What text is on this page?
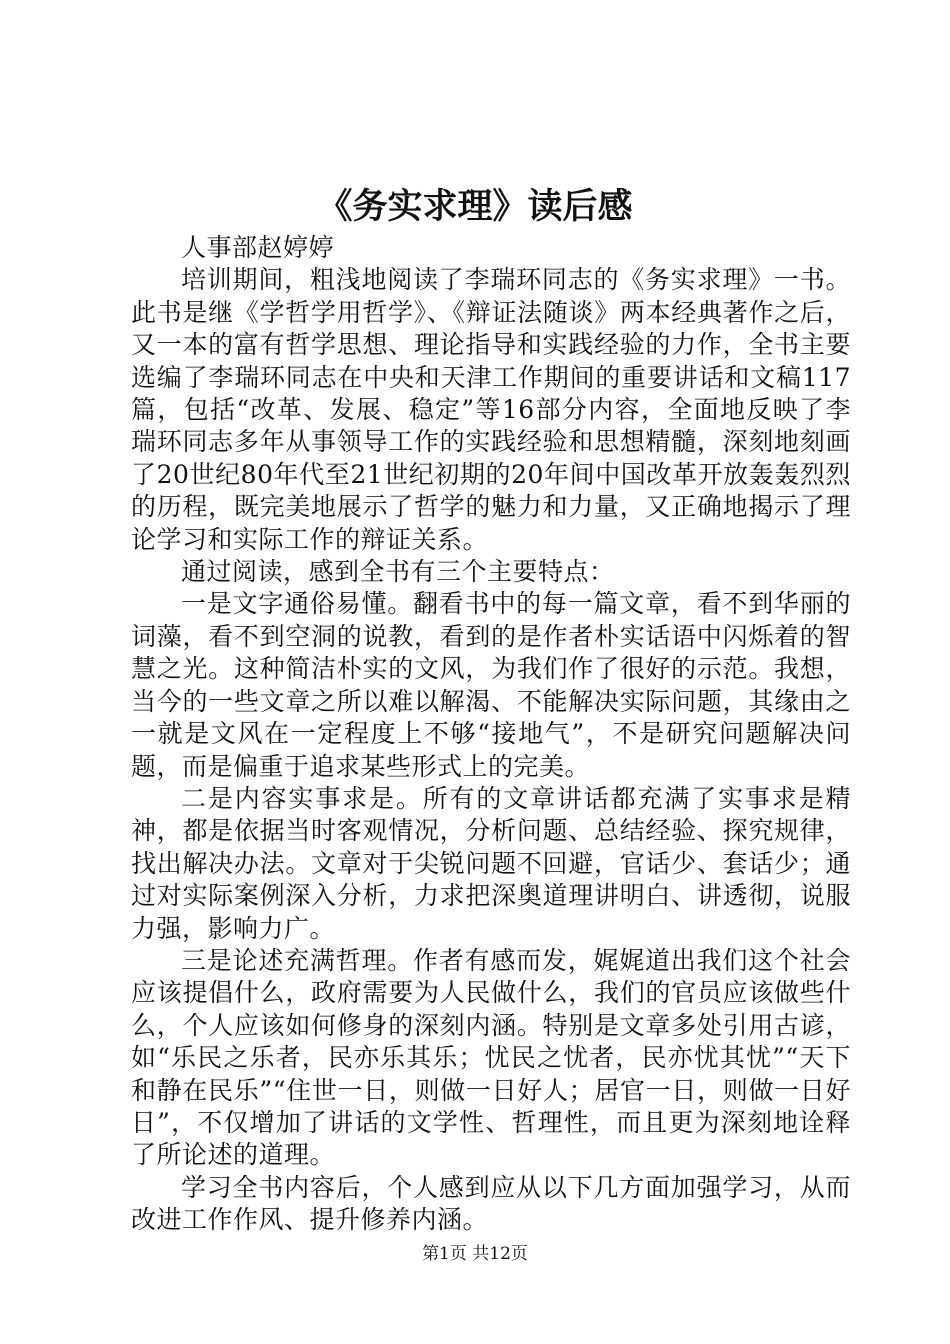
《务实求理》读后感

人事部赵婷婷

培训期间，粗浅地阅读了李瑞环同志的《务实求理》一书。此书是继《学哲学用哲学》、《辩证法随谈》两本经典著作之后，又一本的富有哲学思想、理论指导和实践经验的力作，全书主要选编了李瑞环同志在中央和天津工作期间的重要讲话和文稿117篇，包括“改革、发展、稳定”等16部分内容，全面地反映了李瑞环同志多年从事领导工作的实践经验和思想精髓，深刻地刻画了20世纪80年代至21世纪初期的20年间中国改革开放轰轰烈烈的历程，既完美地展示了哲学的魅力和力量，又正确地揭示了理论学习和实际工作的辩证关系。

通过阅读，感到全书有三个主要特点：

一是文字通俗易懂。翻看书中的每一篇文章，看不到华丽的词藻，看不到空洞的说教，看到的是作者朴实话语中闪烁着的智慧之光。这种简洁朴实的文风，为我们作了很好的示范。我想，当今的一些文章之所以难以解渴、不能解决实际问题，其缘由之一就是文风在一定程度上不够“接地气”，不是研究问题解决问题，而是偏重于追求某些形式上的完美。

二是内容实事求是。所有的文章讲话都充满了实事求是精神，都是依据当时客观情况，分析问题、总结经验、探究规律，找出解决办法。文章对于尖锐问题不回避，官话少、套话少；通过对实际案例深入分析，力求把深奥道理讲明白、讲透彻，说服力强，影响力广。

三是论述充满哲理。作者有感而发，娓娓道出我们这个社会应该提倡什么，政府需要为人民做什么，我们的官员应该做些什么，个人应该如何修身的深刻内涵。特别是文章多处引用古谚，如“乐民之乐者，民亦乐其乐；忧民之忧者，民亦忧其忧”“天下和静在民乐”“住世一日，则做一日好人；居官一日，则做一日好日”，不仅增加了讲话的文学性、哲理性，而且更为深刻地诠释了所论述的道理。

学习全书内容后，个人感到应从以下几方面加强学习，从而改进工作作风、提升修养内涵。

第1页 共12页
